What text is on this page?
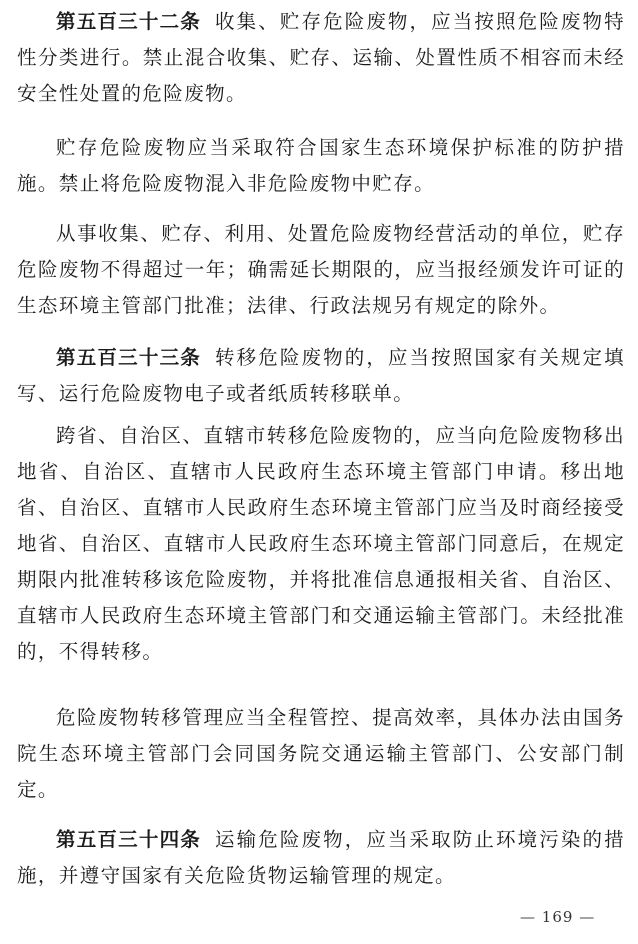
第五百三十二条 收集、贮存危险废物，应当按照危险废物特性分类进行。禁止混合收集、贮存、运输、处置性质不相容而未经安全性处置的危险废物。

贮存危险废物应当采取符合国家生态环境保护标准的防护措施。禁止将危险废物混入非危险废物中贮存。

从事收集、贮存、利用、处置危险废物经营活动的单位，贮存危险废物不得超过一年；确需延长期限的，应当报经颁发许可证的生态环境主管部门批准；法律、行政法规另有规定的除外。

第五百三十三条 转移危险废物的，应当按照国家有关规定填写、运行危险废物电子或者纸质转移联单。

跨省、自治区、直辖市转移危险废物的，应当向危险废物移出地省、自治区、直辖市人民政府生态环境主管部门申请。移出地省、自治区、直辖市人民政府生态环境主管部门应当及时商经接受地省、自治区、直辖市人民政府生态环境主管部门同意后，在规定期限内批准转移该危险废物，并将批准信息通报相关省、自治区、直辖市人民政府生态环境主管部门和交通运输主管部门。未经批准的，不得转移。

危险废物转移管理应当全程管控、提高效率，具体办法由国务院生态环境主管部门会同国务院交通运输主管部门、公安部门制定。

第五百三十四条 运输危险废物，应当采取防止环境污染的措施，并遵守国家有关危险货物运输管理的规定。

— 169 —
